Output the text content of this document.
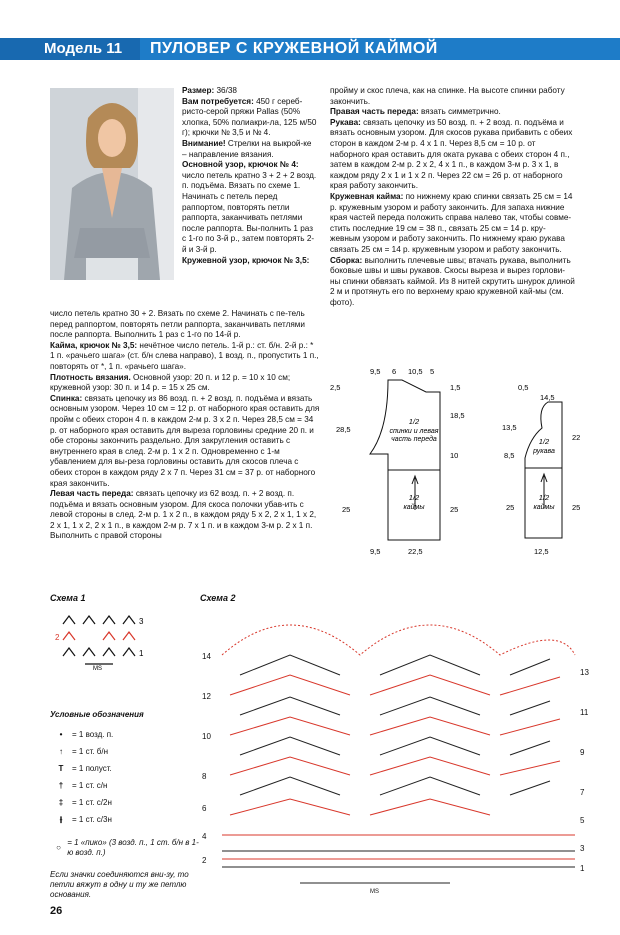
Модель 11	ПУЛОВЕР С КРУЖЕВНОЙ КАЙМОЙ

Размер: 36/38

Вам потребуется: 450 г сереб-ристо-серой пряжи Pallas (50% хлопка, 50% полиакри-ла, 125 м/50 г); крючки № 3,5 и № 4.

Внимание! Стрелки на выкрой-ке – направление вязания.

Основной узор, крючок № 4: число петель кратно 3 + 2 + 2 возд. п. подъёма. Вязать по схеме 1. Начинать с петель перед раппортом, повторять петли раппорта, заканчивать петлями после раппорта. Вы-полнить 1 раз с 1-го по 3-й р., затем повторять 2-й и 3-й р.

Кружевной узор, крючок № 3,5:

число петель кратно 30 + 2. Вязать по схеме 2. Начинать с пе-тель перед раппортом, повторять петли раппорта, заканчивать петлями после раппорта. Выполнить 1 раз с 1-го по 14-й р.

Кайма, крючок № 3,5: нечётное число петель. 1-й р.: ст. б/н. 2-й р.: * 1 п. «рачьего шага» (ст. б/н слева направо), 1 возд. п., пропустить 1 п., повторять от *, 1 п. «рачьего шага».

Плотность вязания. Основной узор: 20 п. и 12 р. = 10 х 10 см; кружевной узор: 30 п. и 14 р. = 15 х 25 см.

Спинка: связать цепочку из 86 возд. п. + 2 возд. п. подъёма и вязать основным узором. Через 10 см = 12 р. от наборного края оставить для пройм с обеих сторон 4 п. в каждом 2-м р. 3 х 2 п. Через 28,5 см = 34 р. от наборного края оставить для выреза горловины средние 20 п. и обе стороны закончить раздельно. Для закругления оставить с внутреннего края в след. 2-м р. 1 х 2 п. Одновременно с 1-м убавлением для вы-реза горловины оставить для скосов плеча с обеих сторон в каждом ряду 2 х 7 п. Через 31 см = 37 р. от наборного края закончить.

Левая часть переда: связать цепочку из 62 возд. п. + 2 возд. п. подъёма и вязать основным узором. Для скоса полочки убав-ить с левой стороны в след. 2-м р. 1 х 2 п., в каждом ряду 5 х 2, 2 х 1, 1 х 2, 2 х 1, 1 х 2, 2 х 1 п., в каждом 2-м р. 7 х 1 п. и в каждом 3-м р. 2 х 1 п. Выполнить с правой стороны

пройму и скос плеча, как на спинке. На высоте спинки работу закончить.

Правая часть переда: вязать симметрично.

Рукава: связать цепочку из 50 возд. п. + 2 возд. п. подъёма и вязать основным узором. Для скосов рукава прибавить с обеих сторон в каждом 2-м р. 4 х 1 п. Через 8,5 см = 10 р. от наборного края оставить для оката рукава с обеих сторон 4 п., затем в каждом 2-м р. 2 х 2, 4 х 1 п., в каждом 3-м р. 3 х 1, в каждом ряду 2 х 1 и 1 х 2 п. Через 22 см = 26 р. от наборного края работу закончить.

Кружевная кайма: по нижнему краю спинки связать 25 см = 14 р. кружевным узором и работу закончить. Для запаха нижние края частей переда положить справа налево так, чтобы совме-стить последние 19 см = 38 п., связать 25 см = 14 р. кру-жевным узором и работу закончить. По нижнему краю рукава связать 25 см = 14 р. кружевным узором и работу закончить.

Сборка: выполнить плечевые швы; втачать рукава, выполнить боковые швы и швы рукавов. Скосы выреза и вырез горлови-ны спинки обвязать каймой. Из 8 нитей скрутить шнурок длиной 2 м и протянуть его по верхнему краю кружевной кай-мы (см. фото).

1/2
спинки и левая
часть переда
1/2
каймы
9,5 6 10,5 5
2,5
28,5
25
1,5
18,5
10
25
9,5	22,5
1/2
рукава
1/2
каймы
0,5
14,5
13,5
8,5
25
22
25
12,5
Схема 1	Схема 2
3
2
1
MS
14
12
10
8
6
4
2
13
11
9
7
5
3
1
MS
Условные обозначения
•	= 1 возд. п.
↑	= 1 ст. б/н
T	= 1 полуст.
†	= 1 ст. с/н
‡	= 1 ст. с/2н
⫲	= 1 ст. с/3н
○
= 1 «пико» (3 возд. п., 1 ст. б/н в 1-ю возд. п.)
Если значки соединяются вни-зу, то петли вяжут в одну и ту же петлю основания.
26
